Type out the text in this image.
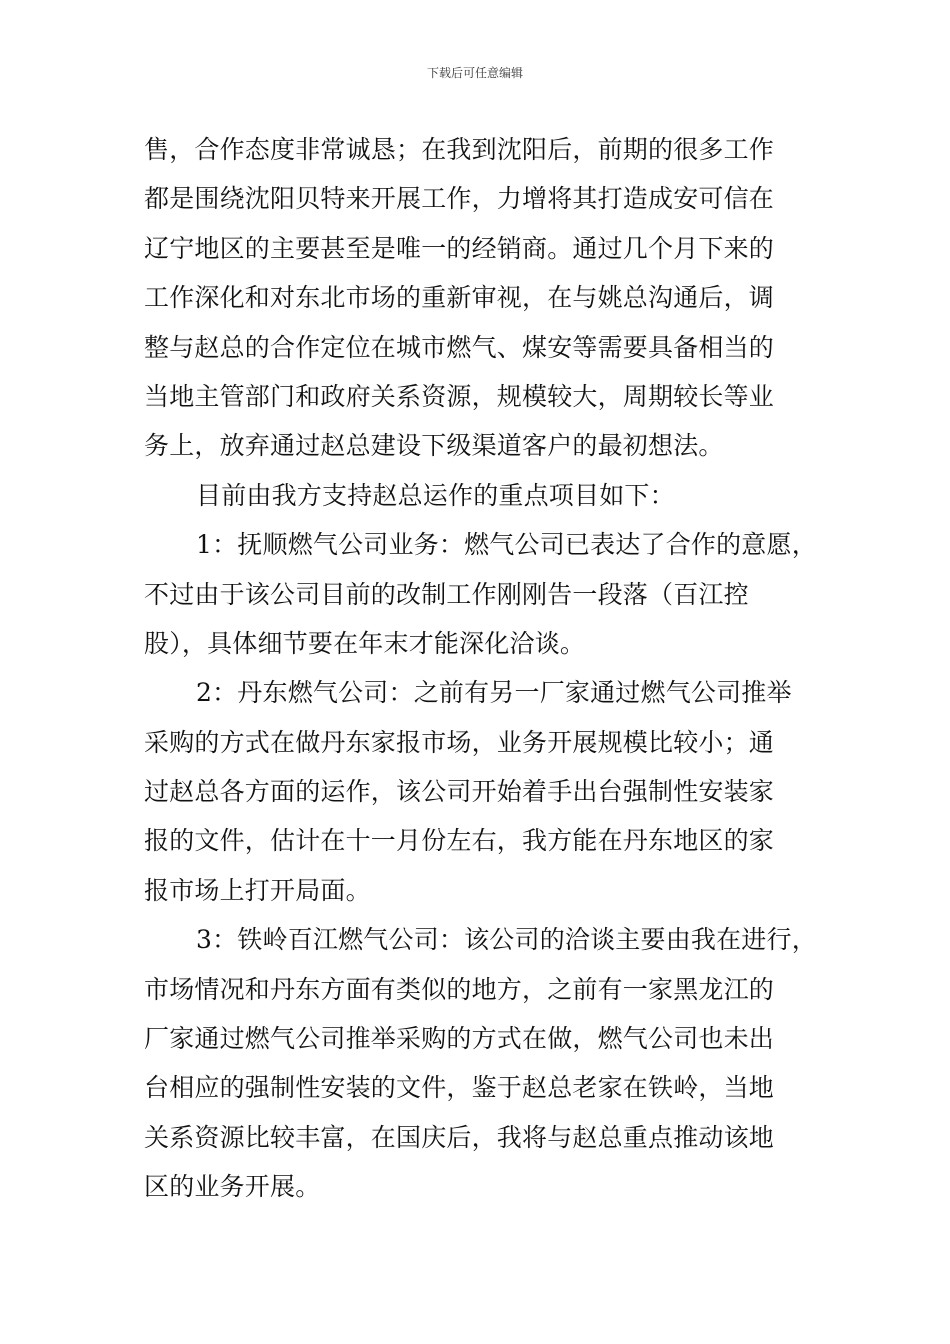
下载后可任意编辑
售，合作态度非常诚恳；在我到沈阳后，前期的很多工作
都是围绕沈阳贝特来开展工作，力增将其打造成安可信在
辽宁地区的主要甚至是唯一的经销商。通过几个月下来的
工作深化和对东北市场的重新审视，在与姚总沟通后，调
整与赵总的合作定位在城市燃气、煤安等需要具备相当的
当地主管部门和政府关系资源，规模较大，周期较长等业
务上，放弃通过赵总建设下级渠道客户的最初想法。
目前由我方支持赵总运作的重点项目如下：
1：抚顺燃气公司业务：燃气公司已表达了合作的意愿，
不过由于该公司目前的改制工作刚刚告一段落（百江控
股），具体细节要在年末才能深化洽谈。
2：丹东燃气公司：之前有另一厂家通过燃气公司推举
采购的方式在做丹东家报市场，业务开展规模比较小；通
过赵总各方面的运作，该公司开始着手出台强制性安装家
报的文件，估计在十一月份左右，我方能在丹东地区的家
报市场上打开局面。
3：铁岭百江燃气公司：该公司的洽谈主要由我在进行，
市场情况和丹东方面有类似的地方，之前有一家黑龙江的
厂家通过燃气公司推举采购的方式在做，燃气公司也未出
台相应的强制性安装的文件，鉴于赵总老家在铁岭，当地
关系资源比较丰富，在国庆后，我将与赵总重点推动该地
区的业务开展。
